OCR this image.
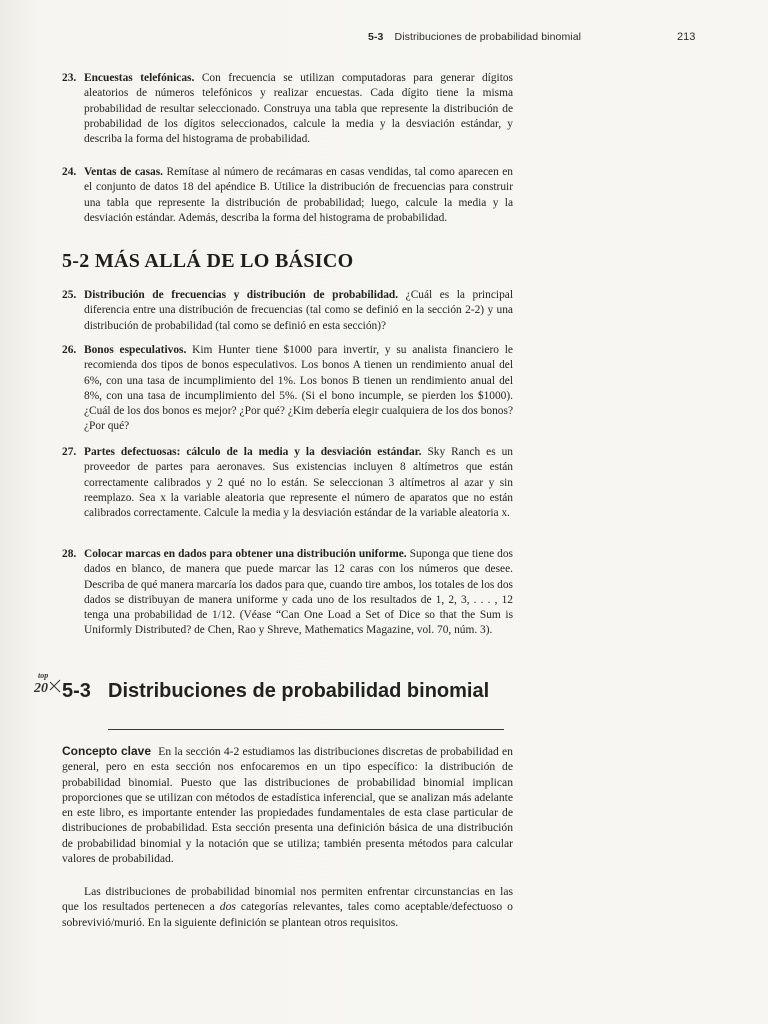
5-3 Distribuciones de probabilidad binomial	213
23. Encuestas telefónicas. Con frecuencia se utilizan computadoras para generar dígitos aleatorios de números telefónicos y realizar encuestas. Cada dígito tiene la misma probabilidad de resultar seleccionado. Construya una tabla que represente la distribución de probabilidad de los dígitos seleccionados, calcule la media y la desviación estándar, y describa la forma del histograma de probabilidad.
24. Ventas de casas. Remítase al número de recámaras en casas vendidas, tal como aparecen en el conjunto de datos 18 del apéndice B. Utilice la distribución de frecuencias para construir una tabla que represente la distribución de probabilidad; luego, calcule la media y la desviación estándar. Además, describa la forma del histograma de probabilidad.
5-2 MÁS ALLÁ DE LO BÁSICO
25. Distribución de frecuencias y distribución de probabilidad. ¿Cuál es la principal diferencia entre una distribución de frecuencias (tal como se definió en la sección 2-2) y una distribución de probabilidad (tal como se definió en esta sección)?
26. Bonos especulativos. Kim Hunter tiene $1000 para invertir, y su analista financiero le recomienda dos tipos de bonos especulativos. Los bonos A tienen un rendimiento anual del 6%, con una tasa de incumplimiento del 1%. Los bonos B tienen un rendimiento anual del 8%, con una tasa de incumplimiento del 5%. (Si el bono incumple, se pierden los $1000). ¿Cuál de los dos bonos es mejor? ¿Por qué? ¿Kim debería elegir cualquiera de los dos bonos? ¿Por qué?
27. Partes defectuosas: cálculo de la media y la desviación estándar. Sky Ranch es un proveedor de partes para aeronaves. Sus existencias incluyen 8 altímetros que están correctamente calibrados y 2 qué no lo están. Se seleccionan 3 altímetros al azar y sin reemplazo. Sea x la variable aleatoria que represente el número de aparatos que no están calibrados correctamente. Calcule la media y la desviación estándar de la variable aleatoria x.
28. Colocar marcas en dados para obtener una distribución uniforme. Suponga que tiene dos dados en blanco, de manera que puede marcar las 12 caras con los números que desee. Describa de qué manera marcaría los dados para que, cuando tire ambos, los totales de los dos dados se distribuyan de manera uniforme y cada uno de los resultados de 1, 2, 3, . . . , 12 tenga una probabilidad de 1/12. (Véase “Can One Load a Set of Dice so that the Sum is Uniformly Distributed? de Chen, Rao y Shreve, Mathematics Magazine, vol. 70, núm. 3).
top
20 5-3 Distribuciones de probabilidad binomial
Concepto clave En la sección 4-2 estudiamos las distribuciones discretas de probabilidad en general, pero en esta sección nos enfocaremos en un tipo específico: la distribución de probabilidad binomial. Puesto que las distribuciones de probabilidad binomial implican proporciones que se utilizan con métodos de estadística inferencial, que se analizan más adelante en este libro, es importante entender las propiedades fundamentales de esta clase particular de distribuciones de probabilidad. Esta sección presenta una definición básica de una distribución de probabilidad binomial y la notación que se utiliza; también presenta métodos para calcular valores de probabilidad.
Las distribuciones de probabilidad binomial nos permiten enfrentar circunstancias en las que los resultados pertenecen a dos categorías relevantes, tales como aceptable/defectuoso o sobrevivió/murió. En la siguiente definición se plantean otros requisitos.
